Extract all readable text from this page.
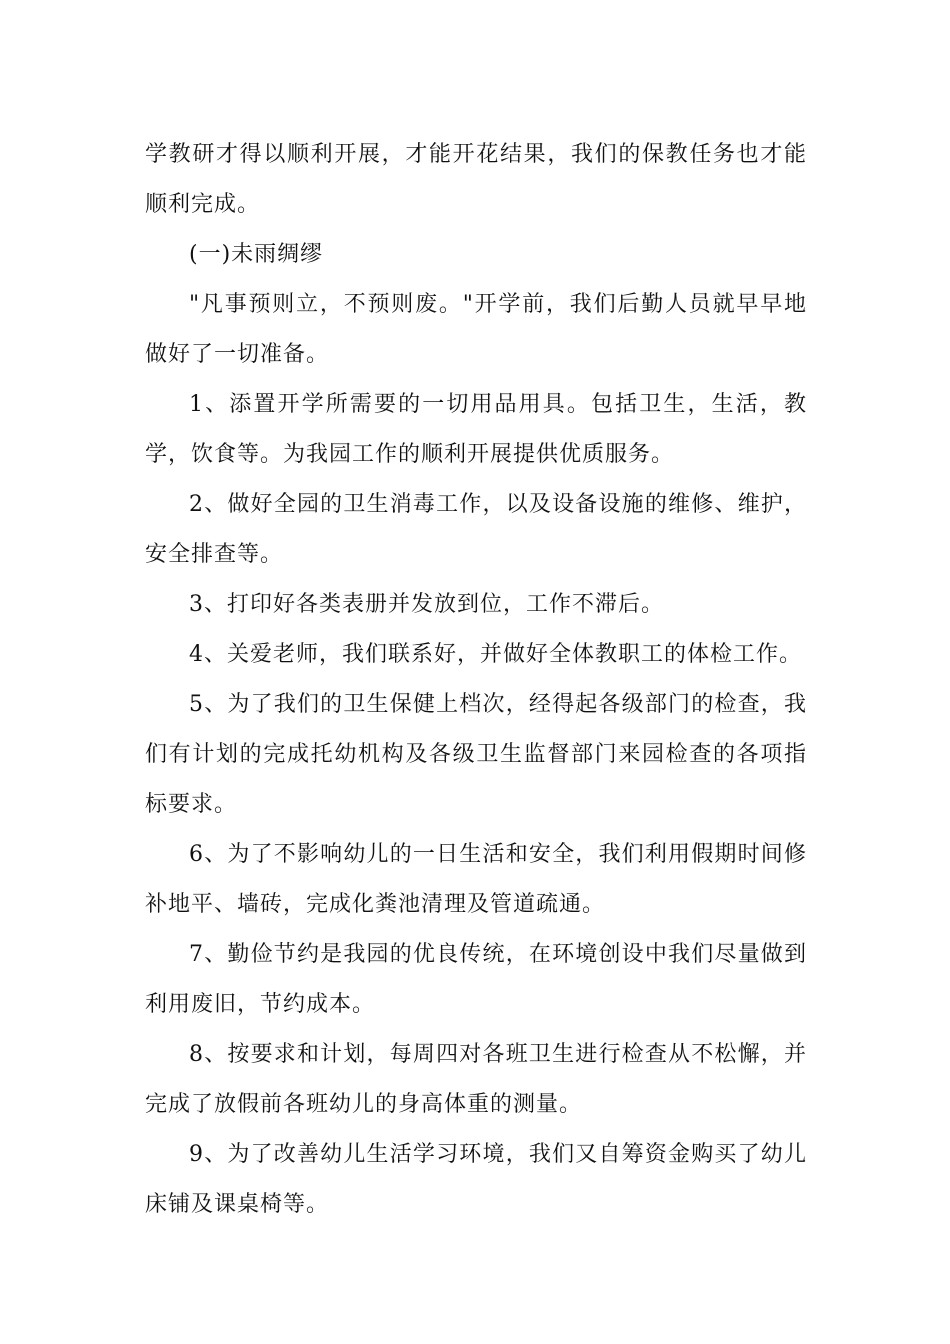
学教研才得以顺利开展，才能开花结果，我们的保教任务也才能顺利完成。

(一)未雨绸缪

"凡事预则立，不预则废。"开学前，我们后勤人员就早早地做好了一切准备。

1、添置开学所需要的一切用品用具。包括卫生，生活，教学，饮食等。为我园工作的顺利开展提供优质服务。

2、做好全园的卫生消毒工作，以及设备设施的维修、维护，安全排查等。

3、打印好各类表册并发放到位，工作不滞后。

4、关爱老师，我们联系好，并做好全体教职工的体检工作。

5、为了我们的卫生保健上档次，经得起各级部门的检查，我们有计划的完成托幼机构及各级卫生监督部门来园检查的各项指标要求。

6、为了不影响幼儿的一日生活和安全，我们利用假期时间修补地平、墙砖，完成化粪池清理及管道疏通。

7、勤俭节约是我园的优良传统，在环境创设中我们尽量做到利用废旧，节约成本。

8、按要求和计划，每周四对各班卫生进行检查从不松懈，并完成了放假前各班幼儿的身高体重的测量。

9、为了改善幼儿生活学习环境，我们又自筹资金购买了幼儿床铺及课桌椅等。
